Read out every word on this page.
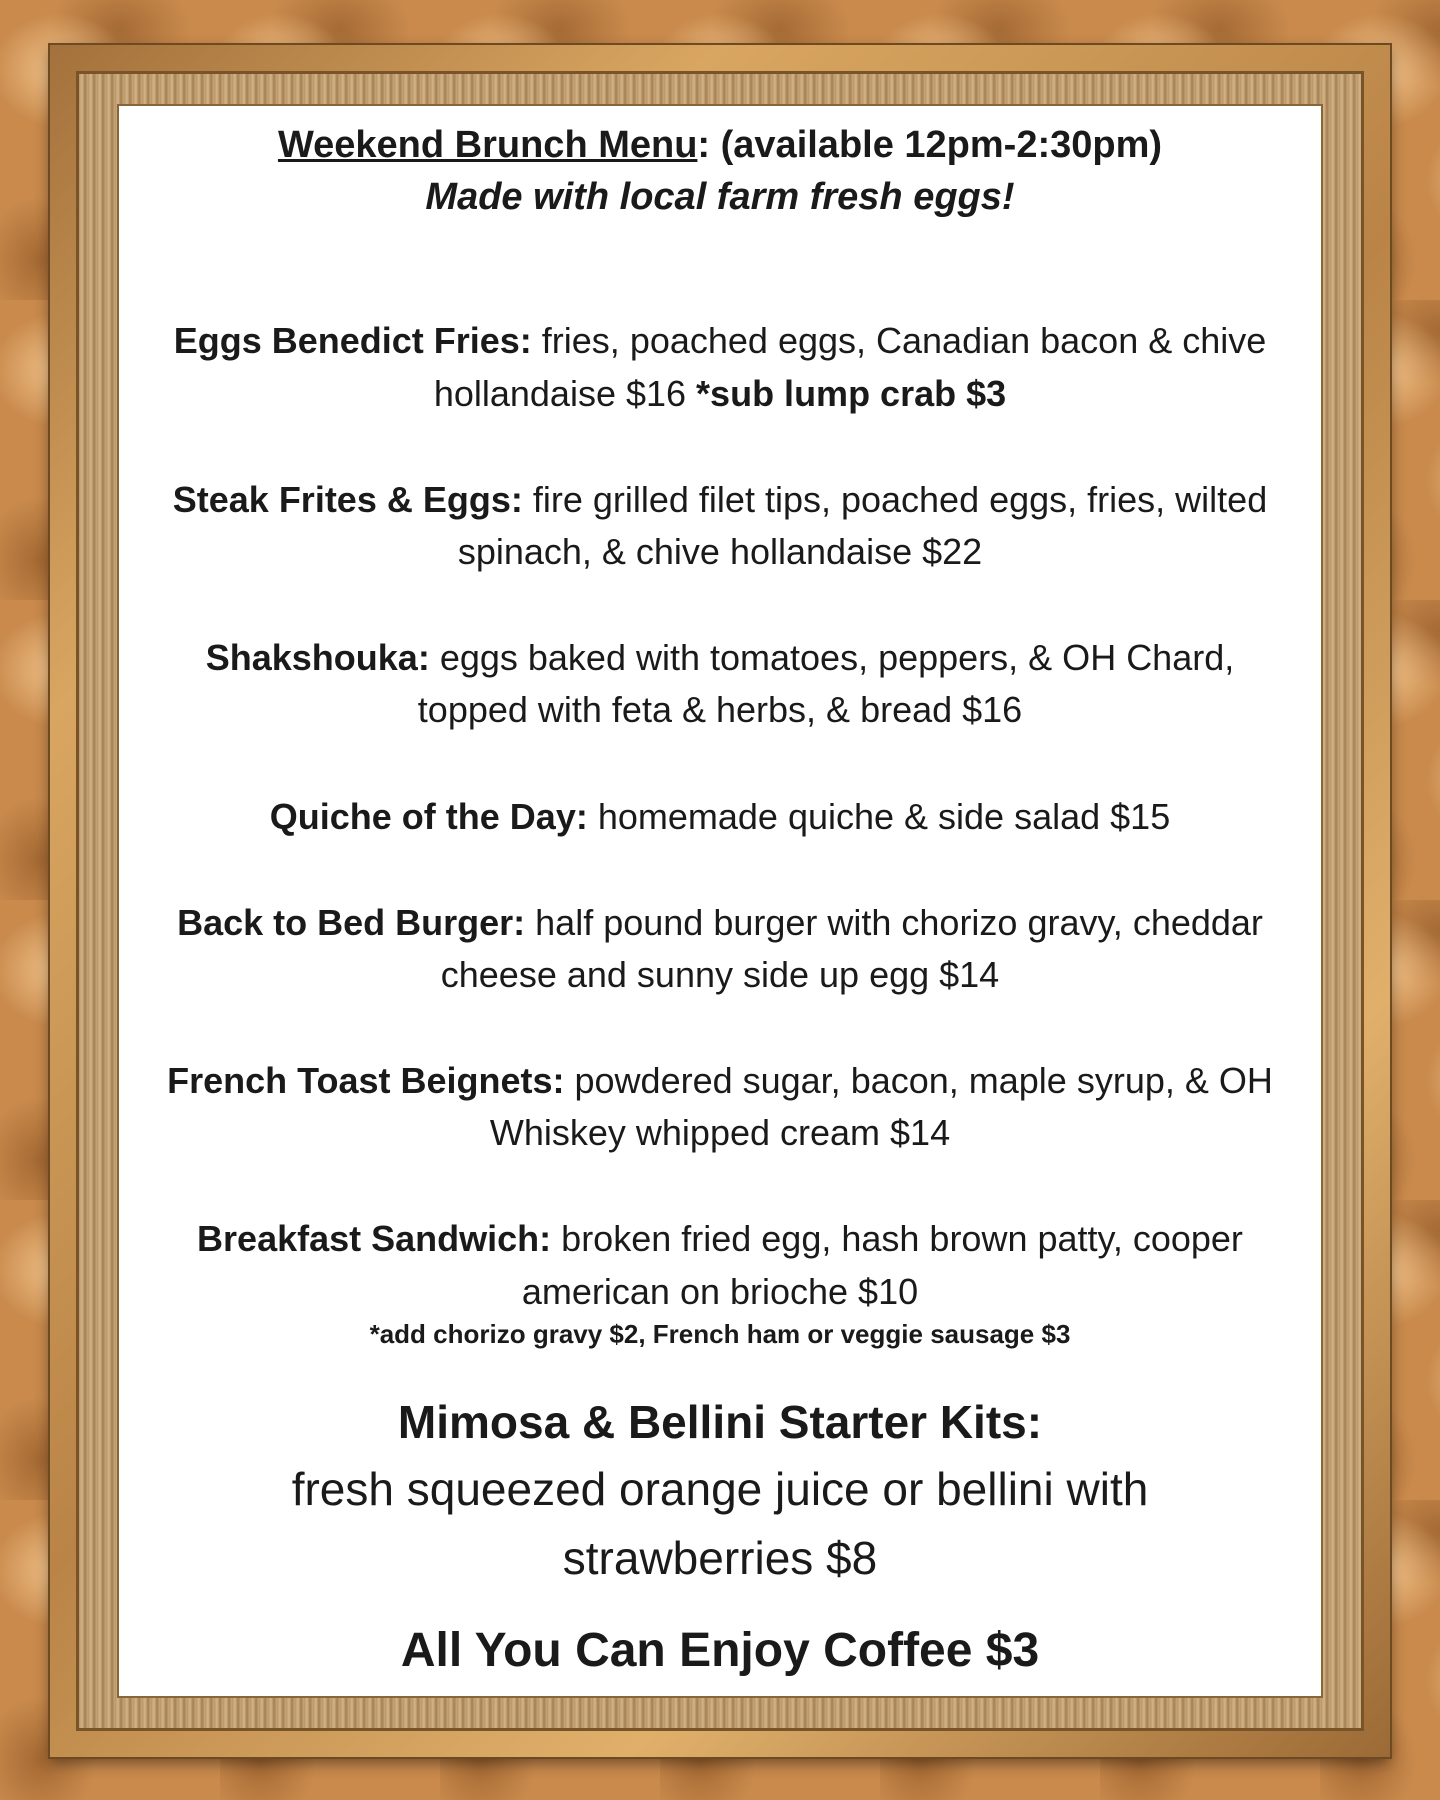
Weekend Brunch Menu: (available 12pm-2:30pm)
Made with local farm fresh eggs!
Eggs Benedict Fries: fries, poached eggs, Canadian bacon & chive hollandaise $16 *sub lump crab $3
Steak Frites & Eggs: fire grilled filet tips, poached eggs, fries, wilted spinach, & chive hollandaise $22
Shakshouka: eggs baked with tomatoes, peppers, & OH Chard, topped with feta & herbs, & bread $16
Quiche of the Day: homemade quiche & side salad $15
Back to Bed Burger: half pound burger with chorizo gravy, cheddar cheese and sunny side up egg $14
French Toast Beignets: powdered sugar, bacon, maple syrup, & OH Whiskey whipped cream $14
Breakfast Sandwich: broken fried egg, hash brown patty, cooper american on brioche $10
*add chorizo gravy $2, French ham or veggie sausage $3
Mimosa & Bellini Starter Kits:
fresh squeezed orange juice or bellini with strawberries $8
All You Can Enjoy Coffee $3
